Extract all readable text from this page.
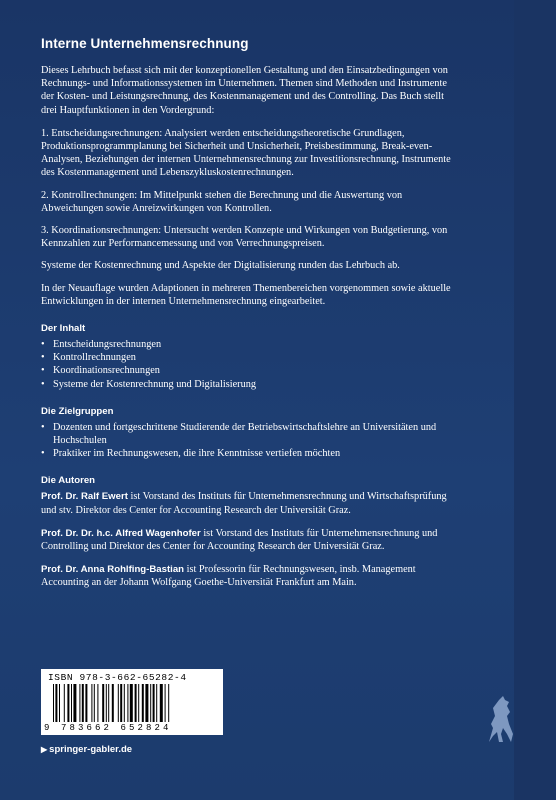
Interne Unternehmensrechnung

Dieses Lehrbuch befasst sich mit der konzeptionellen Gestaltung und den Einsatzbedingungen von Rechnungs- und Informationssystemen im Unternehmen. Themen sind Methoden und Instrumente der Kosten- und Leistungsrechnung, des Kostenmanagement und des Controlling. Das Buch stellt drei Hauptfunktionen in den Vordergrund:

1. Entscheidungsrechnungen: Analysiert werden entscheidungstheoretische Grundlagen, Produktionsprogrammplanung bei Sicherheit und Unsicherheit, Preisbestimmung, Break-even-Analysen, Beziehungen der internen Unternehmensrechnung zur Investitionsrechnung, Instrumente des Kostenmanagement und Lebenszykluskostenrechnungen.

2. Kontrollrechnungen: Im Mittelpunkt stehen die Berechnung und die Auswertung von Abweichungen sowie Anreizwirkungen von Kontrollen.

3. Koordinationsrechnungen: Untersucht werden Konzepte und Wirkungen von Budgetierung, von Kennzahlen zur Performancemessung und von Verrechnungspreisen.

Systeme der Kostenrechnung und Aspekte der Digitalisierung runden das Lehrbuch ab.

In der Neuauflage wurden Adaptionen in mehreren Themenbereichen vorgenommen sowie aktuelle Entwicklungen in der internen Unternehmensrechnung eingearbeitet.

Der Inhalt
• Entscheidungsrechnungen
• Kontrollrechnungen
• Koordinationsrechnungen
• Systeme der Kostenrechnung und Digitalisierung
Die Zielgruppen
• Dozenten und fortgeschrittene Studierende der Betriebswirtschaftslehre an Universitäten und Hochschulen
• Praktiker im Rechnungswesen, die ihre Kenntnisse vertiefen möchten
Die Autoren

Prof. Dr. Ralf Ewert ist Vorstand des Instituts für Unternehmensrechnung und Wirtschaftsprüfung und stv. Direktor des Center for Accounting Research der Universität Graz.

Prof. Dr. Dr. h.c. Alfred Wagenhofer ist Vorstand des Instituts für Unternehmensrechnung und Controlling und Direktor des Center for Accounting Research der Universität Graz.

Prof. Dr. Anna Rohlfing-Bastian ist Professorin für Rechnungswesen, insb. Management Accounting an der Johann Wolfgang Goethe-Universität Frankfurt am Main.

ISBN 978-3-662-65282-4
9 783662 652824
▶ springer-gabler.de
